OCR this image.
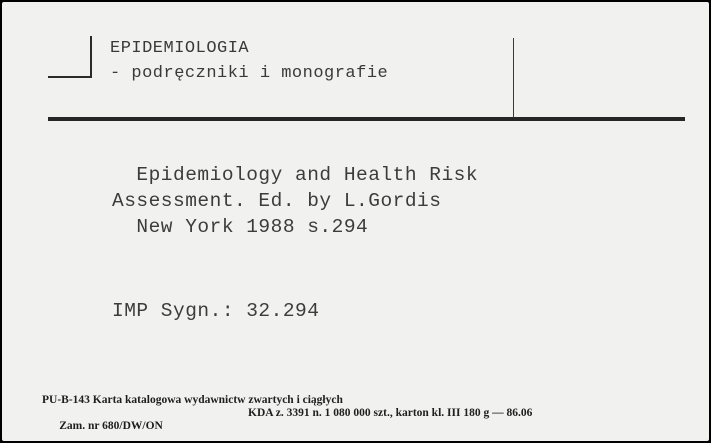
EPIDEMIOLOGIA
- podręczniki i monografie
Epidemiology and Health Risk
Assessment. Ed. by L.Gordis
New York 1988 s.294
IMP Sygn.: 32.294
PU-B-143 Karta katalogowa wydawnictw zwartych i ciągłych

Zam. nr 680/DW/ON

KDA z. 3391 n. 1 080 000 szt., karton kl. III 180 g — 86.06
